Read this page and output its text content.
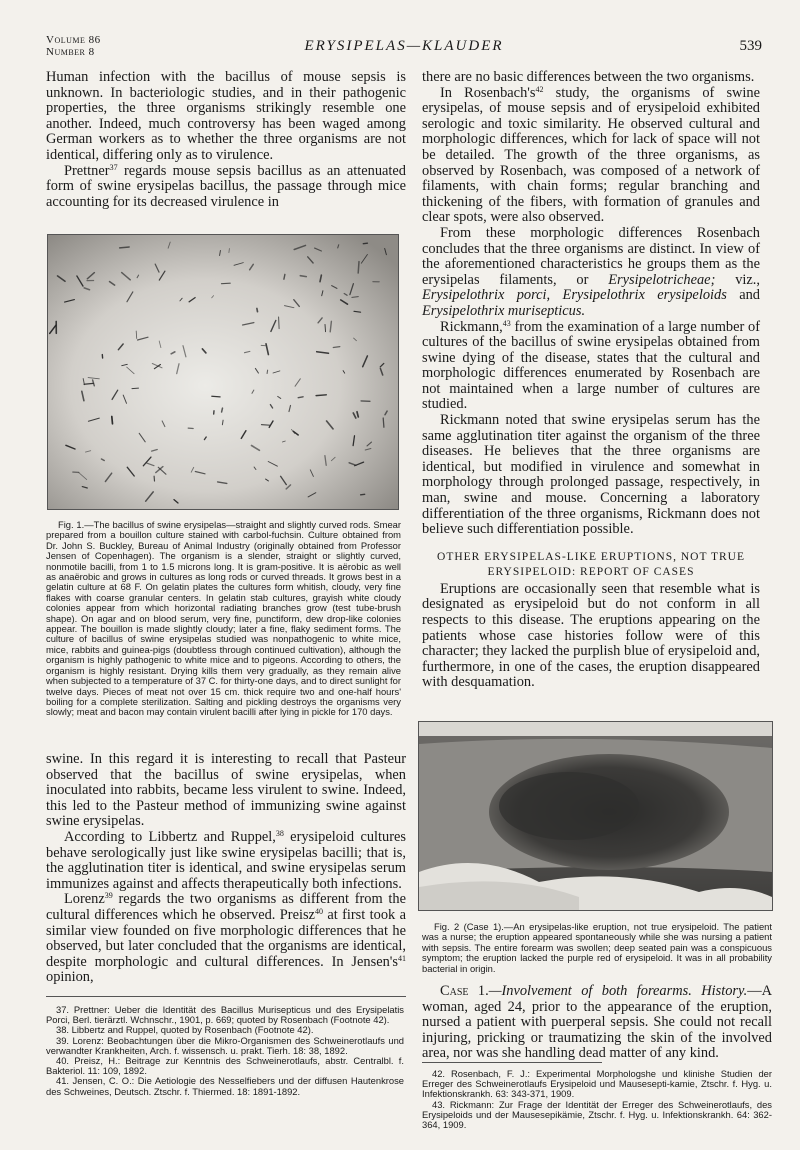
Volume 86
Number 8	ERYSIPELAS—KLAUDER	539

Human infection with the bacillus of mouse sepsis is unknown. In bacteriologic studies, and in their pathogenic properties, the three organisms strikingly resemble one another. Indeed, much controversy has been waged among German workers as to whether the three organisms are not identical, differing only as to virulence.

Prettner$^{37}$ regards mouse sepsis bacillus as an attenuated form of swine erysipelas bacillus, the passage through mice accounting for its decreased virulence in

Fig. 1.—The bacillus of swine erysipelas—straight and slightly curved rods. Smear prepared from a bouillon culture stained with carbol-fuchsin. Culture obtained from Dr. John S. Buckley, Bureau of Animal Industry (originally obtained from Professor Jensen of Copenhagen). The organism is a slender, straight or slightly curved, nonmotile bacilli, from 1 to 1.5 microns long. It is gram-positive. It is aërobic as well as anaërobic and grows in cultures as long rods or curved threads. It grows best in a gelatin culture at 68 F. On gelatin plates the cultures form whitish, cloudy, very fine flakes with coarse granular centers. In gelatin stab cultures, grayish white cloudy colonies appear from which horizontal radiating branches grow (test tube-brush shape). On agar and on blood serum, very fine, punctiform, dew drop-like colonies appear. The bouillon is made slightly cloudy; later a fine, flaky sediment forms. The culture of bacillus of swine erysipelas studied was nonpathogenic to white mice, mice, rabbits and guinea-pigs (doubtless through continued cultivation), although the organism is highly pathogenic to white mice and to pigeons. According to others, the organism is highly resistant. Drying kills them very gradually, as they remain alive when subjected to a temperature of 37 C. for thirty-one days, and to direct sunlight for twelve days. Pieces of meat not over 15 cm. thick require two and one-half hours' boiling for a complete sterilization. Salting and pickling destroys the organisms very slowly; meat and bacon may contain virulent bacilli after lying in pickle for 170 days.

swine. In this regard it is interesting to recall that Pasteur observed that the bacillus of swine erysipelas, when inoculated into rabbits, became less virulent to swine. Indeed, this led to the Pasteur method of immunizing swine against swine erysipelas.

According to Libbertz and Ruppel,$^{38}$ erysipeloid cultures behave serologically just like swine erysipelas bacilli; that is, the agglutination titer is identical, and swine erysipelas serum immunizes against and affects therapeutically both infections.

Lorenz$^{39}$ regards the two organisms as different from the cultural differences which he observed. Preisz$^{40}$ at first took a similar view founded on five morphologic differences that he observed, but later concluded that the organisms are identical, despite morphologic and cultural differences. In $Jensen's^{41}$ opinion,

37. Prettner: Ueber die Identität des Bacillus Murisepticus und des Erysipelatis Porci, Berl. tierärztl. Wchnschr., 1901, p. 669; quoted by Rosenbach (Footnote 42).

38. Libbertz and Ruppel, quoted by Rosenbach (Footnote 42).

39. Lorenz: Beobachtungen über die Mikro-Organismen des Schweinerotlaufs und verwandter Krankheiten, Arch. f. wissensch. u. prakt. Tierh. 18: 38, 1892.

40. Preisz, H.: Beitrage zur Kenntnis des Schweinerotlaufs, abstr. Centralbl. f. Bakteriol. 11: 109, 1892.

41. Jensen, C. O.: Die Aetiologie des Nesselfiebers und der diffusen Hautenkrose des Schweines, Deutsch. Ztschr. f. Thiermed. 18: 1891-1892.

there are no basic differences between the two organisms.

In $Rosenbach's^{42}$ study, the organisms of swine erysipelas, of mouse sepsis and of erysipeloid exhibited serologic and toxic similarity. He observed cultural and morphologic differences, which for lack of space will not be detailed. The growth of the three organisms, as observed by Rosenbach, was composed of a network of filaments, with chain forms; regular branching and thickening of the fibers, with formation of granules and clear spots, were also observed.

From these morphologic differences Rosenbach concludes that the three organisms are distinct. In view of the aforementioned characteristics he groups them as the erysipelas filaments, or Erysipelotricheae; viz., Erysipelothrix porci, Erysipelothrix erysipeloids and Erysipelothrix murisepticus.

Rickmann,$^{43}$ from the examination of a large number of cultures of the bacillus of swine erysipelas obtained from swine dying of the disease, states that the cultural and morphologic differences enumerated by Rosenbach are not maintained when a large number of cultures are studied.

Rickmann noted that swine erysipelas serum has the same agglutination titer against the organism of the three diseases. He believes that the three organisms are identical, but modified in virulence and somewhat in morphology through prolonged passage, respectively, in man, swine and mouse. Concerning a laboratory differentiation of the three organisms, Rickmann does not believe such differentiation possible.

OTHER ERYSIPELAS-LIKE ERUPTIONS, NOT TRUE

ERYSIPELOID: REPORT OF CASES

Eruptions are occasionally seen that resemble what is designated as erysipeloid but do not conform in all respects to this disease. The eruptions appearing on the patients whose case histories follow were of this character; they lacked the purplish blue of erysipeloid and, furthermore, in one of the cases, the eruption disappeared with desquamation.

Fig. 2 (Case 1).—An erysipelas-like eruption, not true erysipeloid. The patient was a nurse; the eruption appeared spontaneously while she was nursing a patient with sepsis. The entire forearm was swollen; deep seated pain was a conspicuous symptom; the eruption lacked the purple red of erysipeloid. It was in all probability bacterial in origin.

Case 1.—Involvement of both forearms. History.—A woman, aged 24, prior to the appearance of the eruption, nursed a patient with puerperal sepsis. She could not recall injuring, pricking or traumatizing the skin of the involved area, nor was she handling dead matter of any kind.

42. Rosenbach, F. J.: Experimental Morphologshe und klinishe Studien der Erreger des Schweinerotlaufs Erysipeloid und Mausesepti-kamie, Ztschr. f. Hyg. u. Infektionskrankh. 63: 343-371, 1909.

43. Rickmann: Zur Frage der Identität der Erreger des Schweinerotlaufs, des Erysipeloids und der Mausesepikämie, Ztschr. f. Hyg. u. Infektionskrankh. 64: 362-364, 1909.
